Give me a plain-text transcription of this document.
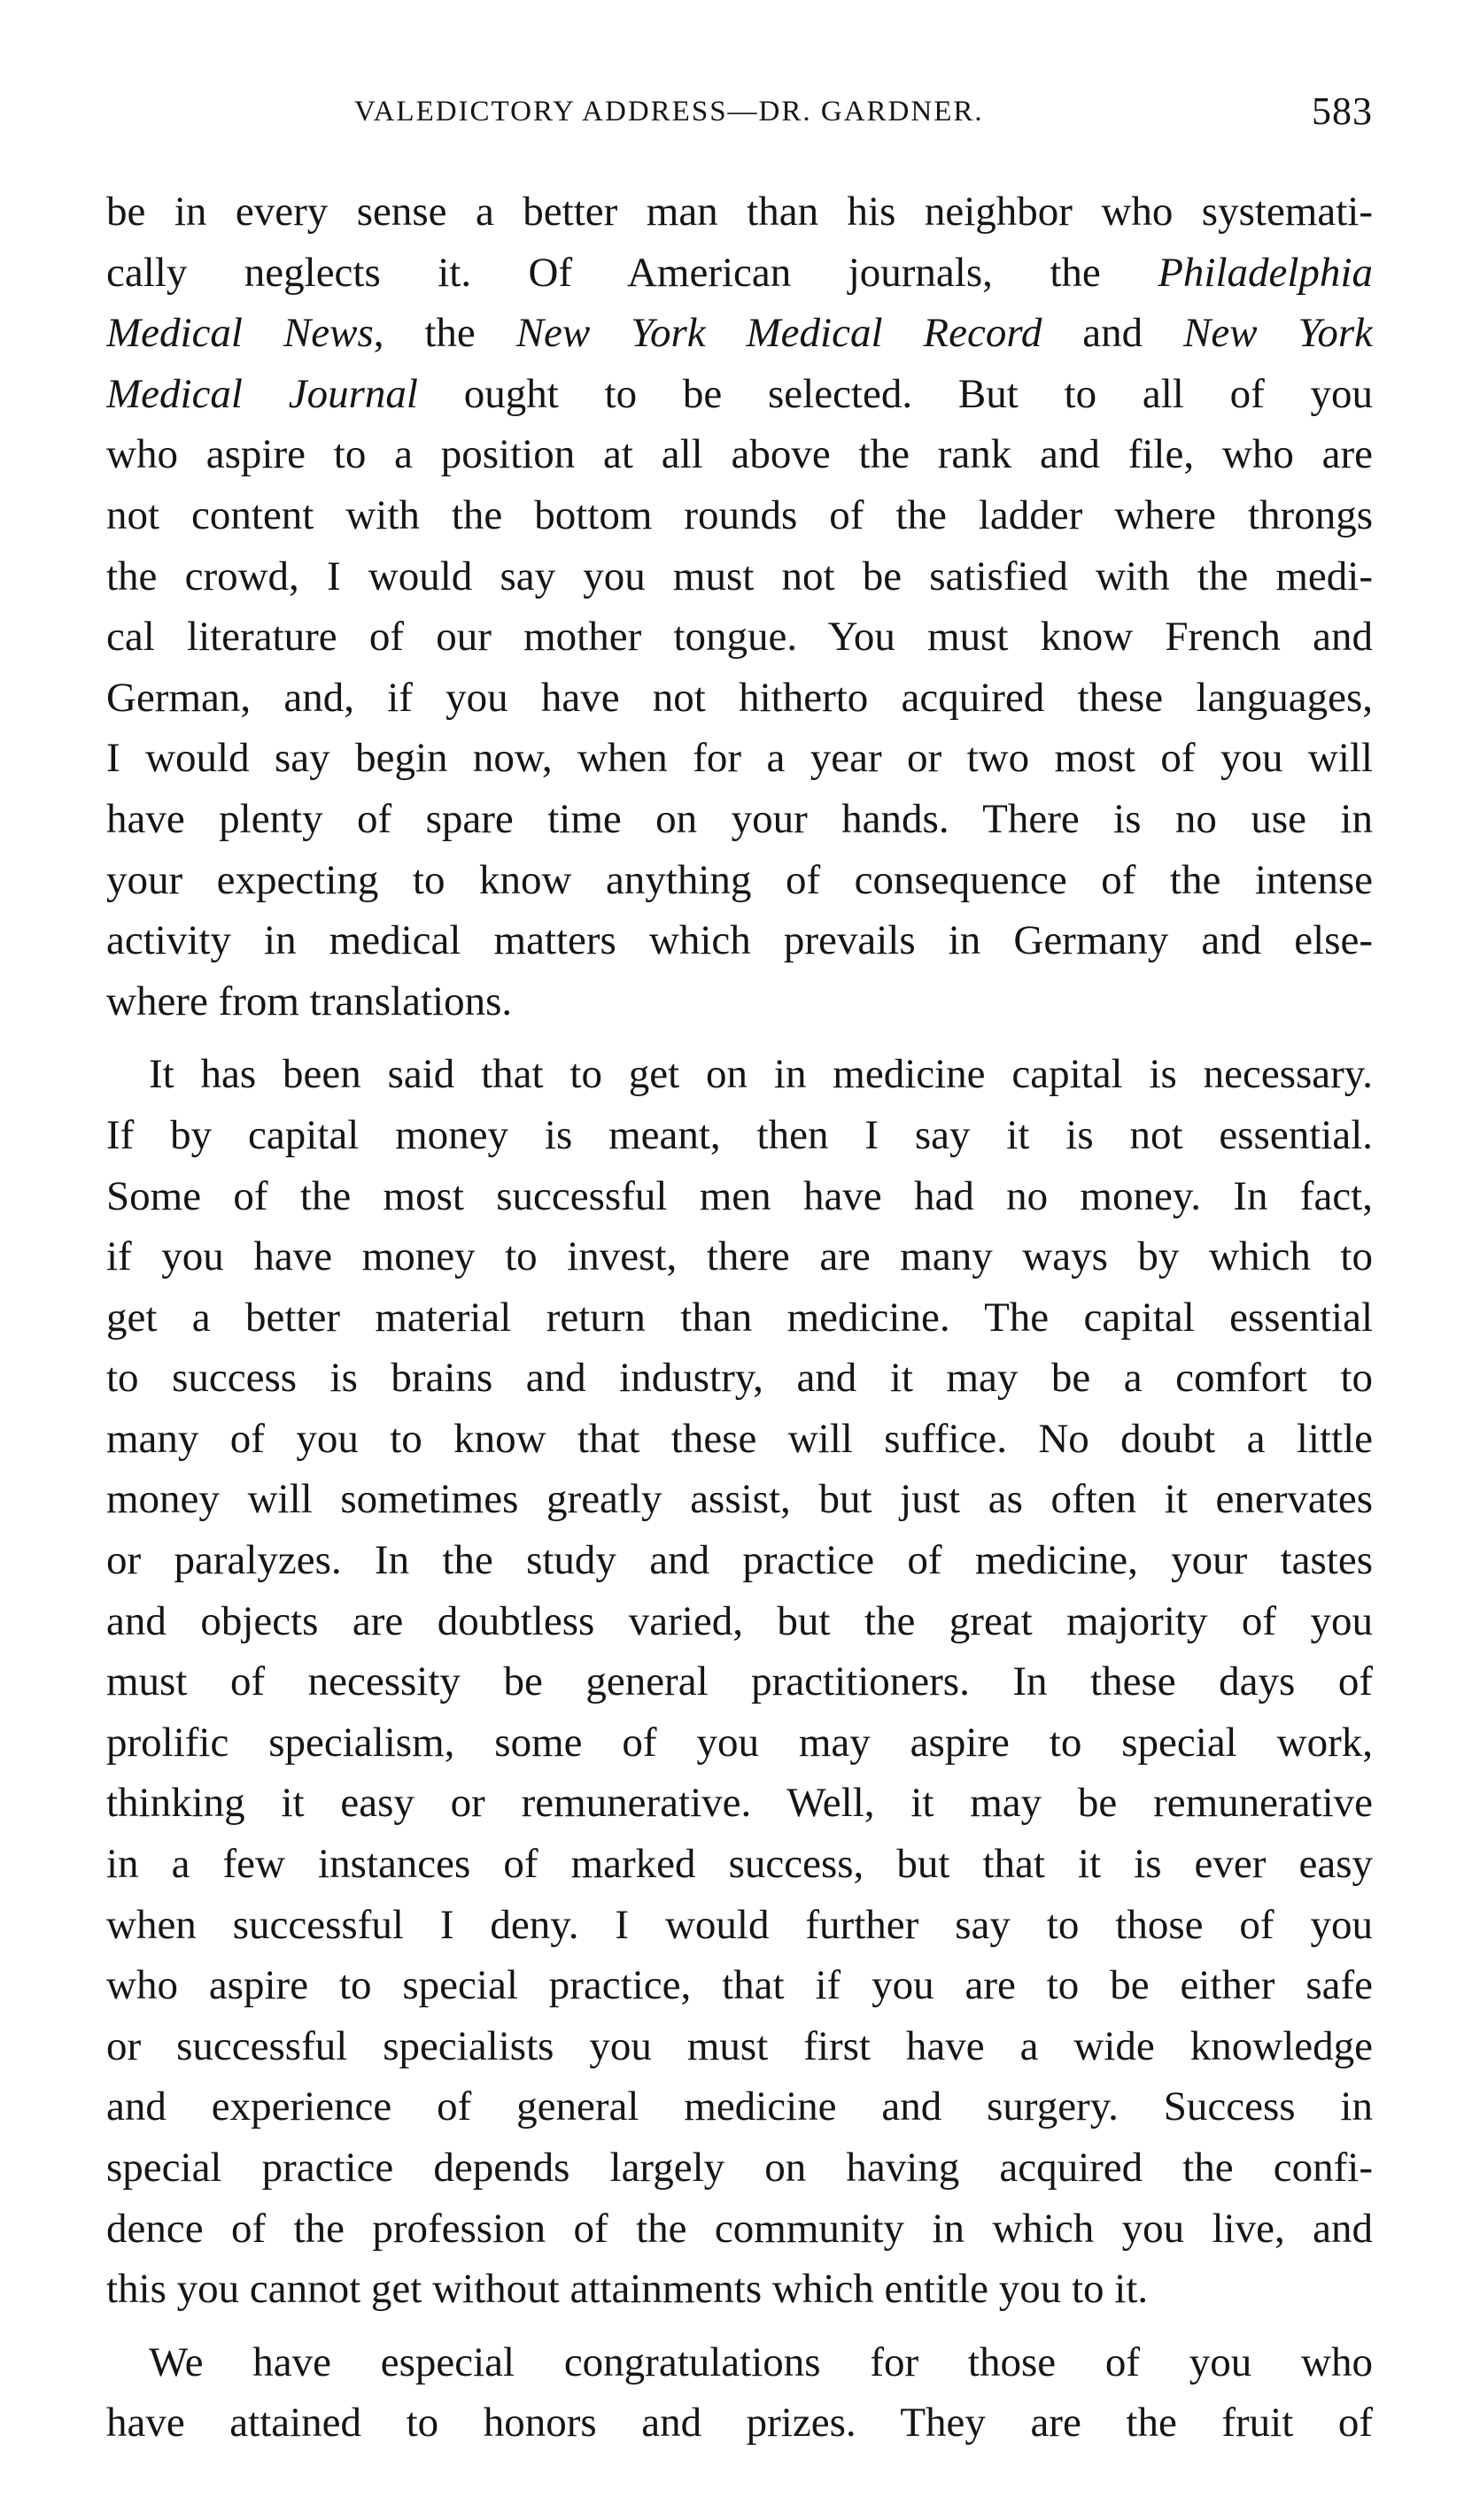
VALEDICTORY ADDRESS—DR. GARDNER.	583
be in every sense a better man than his neighbor who systemati-
cally neglects it. Of American journals, the Philadelphia
Medical News, the New York Medical Record and New York
Medical Journal ought to be selected. But to all of you
who aspire to a position at all above the rank and file, who are
not content with the bottom rounds of the ladder where throngs
the crowd, I would say you must not be satisfied with the medi-
cal literature of our mother tongue. You must know French and
German, and, if you have not hitherto acquired these languages,
I would say begin now, when for a year or two most of you will
have plenty of spare time on your hands. There is no use in
your expecting to know anything of consequence of the intense
activity in medical matters which prevails in Germany and else-
where from translations.
It has been said that to get on in medicine capital is necessary.
If by capital money is meant, then I say it is not essential.
Some of the most successful men have had no money. In fact,
if you have money to invest, there are many ways by which to
get a better material return than medicine. The capital essential
to success is brains and industry, and it may be a comfort to
many of you to know that these will suffice. No doubt a little
money will sometimes greatly assist, but just as often it enervates
or paralyzes. In the study and practice of medicine, your tastes
and objects are doubtless varied, but the great majority of you
must of necessity be general practitioners. In these days of
prolific specialism, some of you may aspire to special work,
thinking it easy or remunerative. Well, it may be remunerative
in a few instances of marked success, but that it is ever easy
when successful I deny. I would further say to those of you
who aspire to special practice, that if you are to be either safe
or successful specialists you must first have a wide knowledge
and experience of general medicine and surgery. Success in
special practice depends largely on having acquired the confi-
dence of the profession of the community in which you live, and
this you cannot get without attainments which entitle you to it.
We have especial congratulations for those of you who
have attained to honors and prizes. They are the fruit of
